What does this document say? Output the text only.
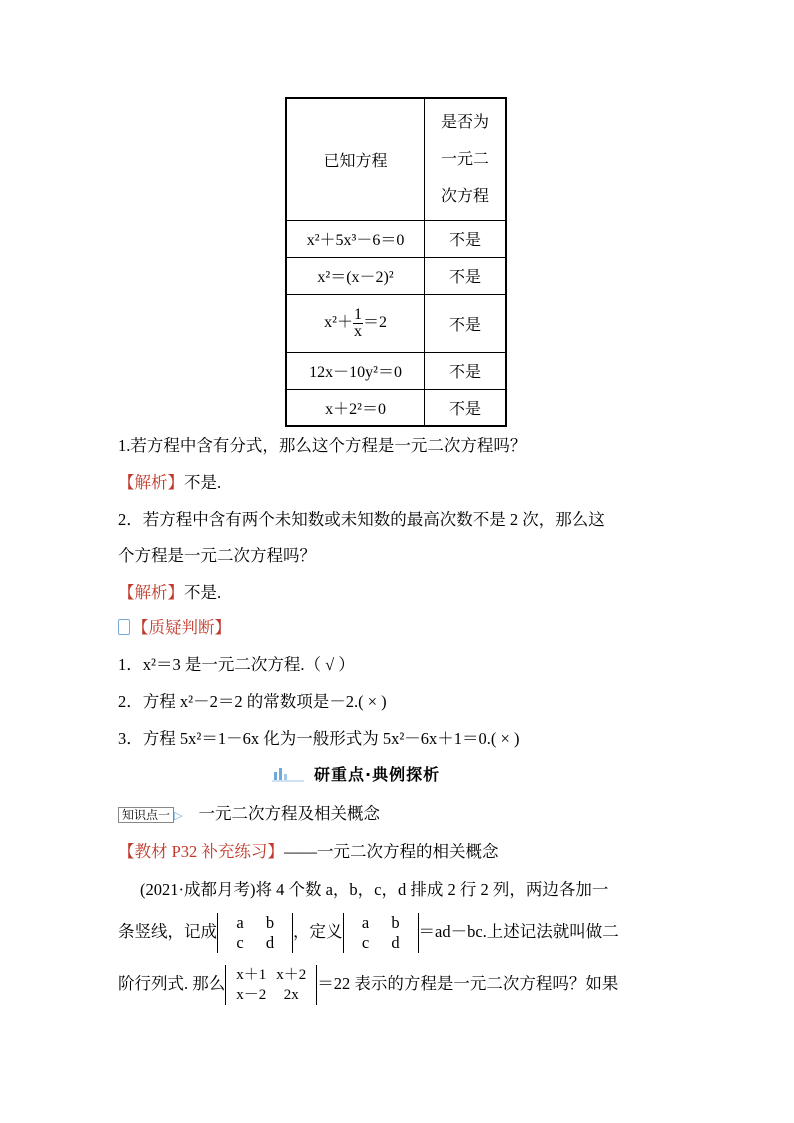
已知方程	是否为
一元二
次方程

x²＋5x³－6＝0	不是
x²＝(x－2)²	不是
$x^2+ \frac{1}{x} =2$	不是
12x－10y²＝0	不是
x＋2²＝0	不是
1.若方程中含有分式，那么这个方程是一元二次方程吗？
【解析】不是.
2．若方程中含有两个未知数或未知数的最高次数不是 2 次，那么这
个方程是一元二次方程吗？
【解析】不是.
【质疑判断】
1．x²＝3 是一元二次方程.（ √ ）
2．方程 x²－2＝2 的常数项是－2.( × )
3．方程 5x²＝1－6x 化为一般形式为 5x²－6x＋1＝0.( × )
研重点·典例探析
知识点一 ▷ 一元二次方程及相关概念
【教材 P32 补充练习】——一元二次方程的相关概念
(2021·成都月考)将 4 个数 a，b，c，d 排成 2 行 2 列，两边各加一
条竖线，记成 a b
c d，定义 a b
c d＝ad－bc.上述记法就叫做二
阶行列式. 那么 x＋1 x＋2
x－2 2x＝22 表示的方程是一元二次方程吗？如果
